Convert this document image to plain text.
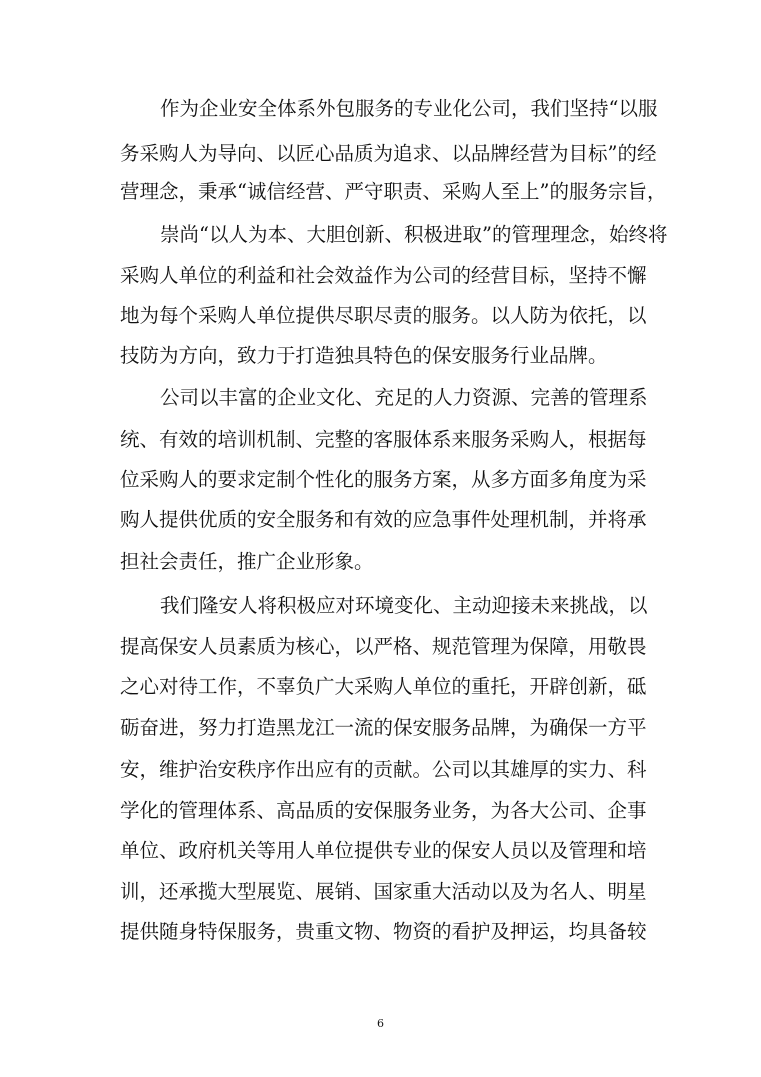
作为企业安全体系外包服务的专业化公司，我们坚持“以服
务采购人为导向、以匠心品质为追求、以品牌经营为目标”的经
营理念，秉承“诚信经营、严守职责、采购人至上”的服务宗旨，
崇尚“以人为本、大胆创新、积极进取”的管理理念，始终将
采购人单位的利益和社会效益作为公司的经营目标，坚持不懈
地为每个采购人单位提供尽职尽责的服务。以人防为依托，以
技防为方向，致力于打造独具特色的保安服务行业品牌。
公司以丰富的企业文化、充足的人力资源、完善的管理系
统、有效的培训机制、完整的客服体系来服务采购人，根据每
位采购人的要求定制个性化的服务方案，从多方面多角度为采
购人提供优质的安全服务和有效的应急事件处理机制，并将承
担社会责任，推广企业形象。
我们隆安人将积极应对环境变化、主动迎接未来挑战，以
提高保安人员素质为核心，以严格、规范管理为保障，用敬畏
之心对待工作，不辜负广大采购人单位的重托，开辟创新，砥
砺奋进，努力打造黑龙江一流的保安服务品牌，为确保一方平
安，维护治安秩序作出应有的贡献。公司以其雄厚的实力、科
学化的管理体系、高品质的安保服务业务，为各大公司、企事
单位、政府机关等用人单位提供专业的保安人员以及管理和培
训，还承揽大型展览、展销、国家重大活动以及为名人、明星
提供随身特保服务，贵重文物、物资的看护及押运，均具备较
6
